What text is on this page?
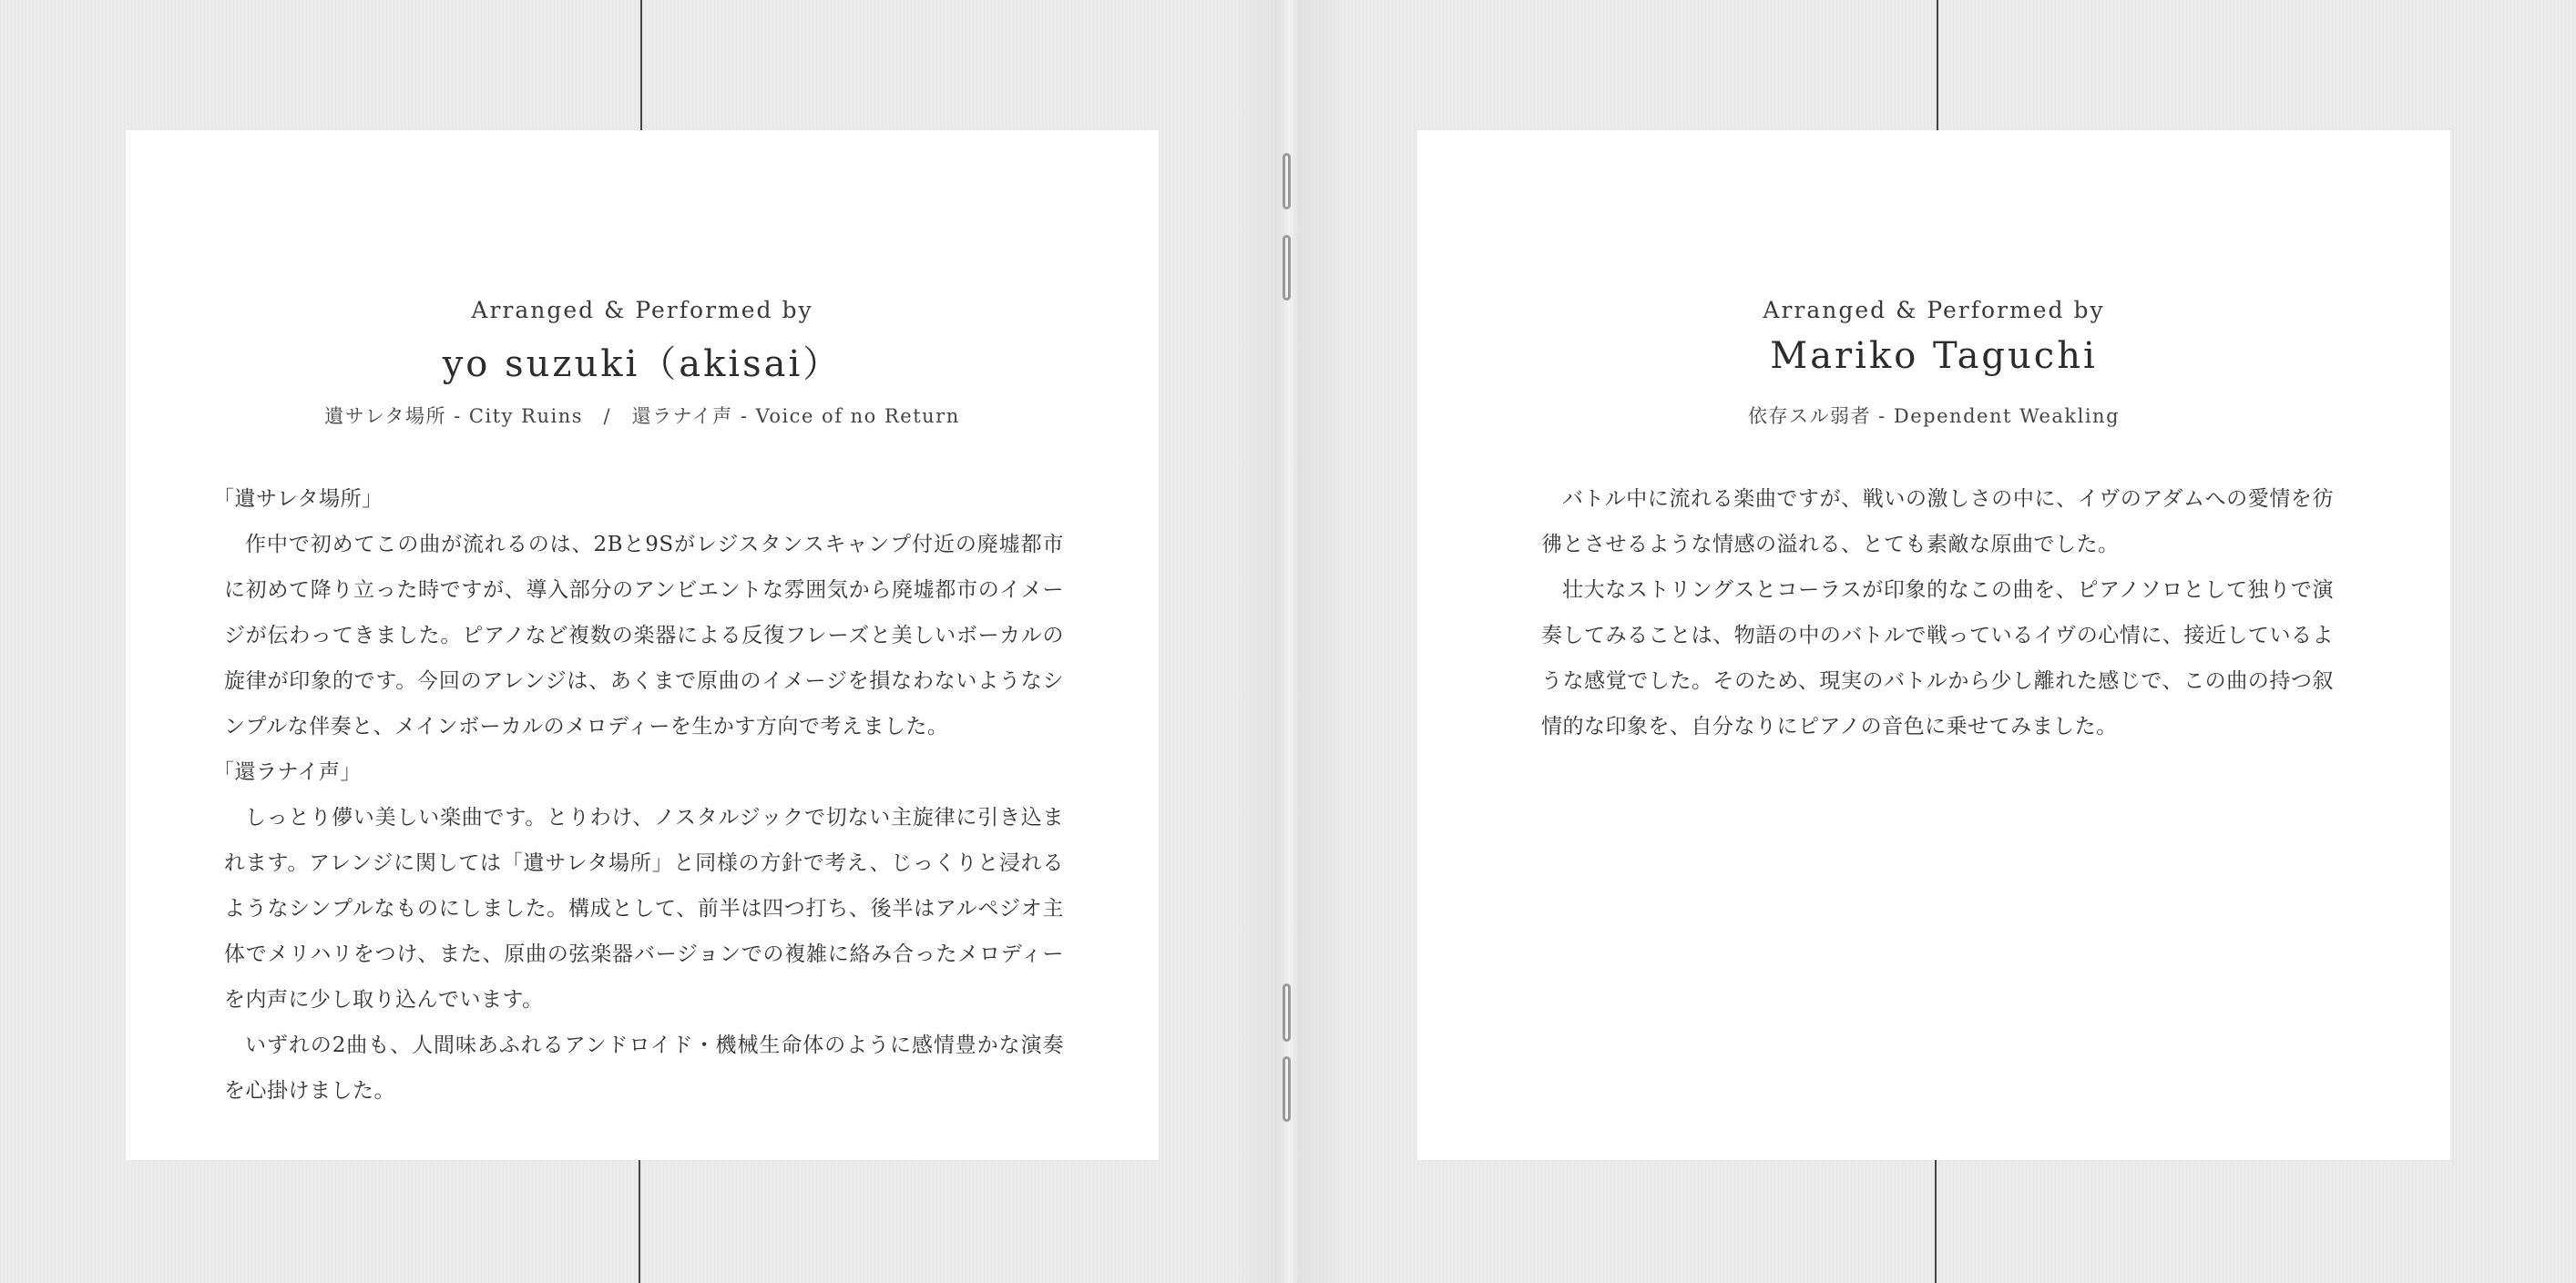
Arranged & Performed by
yo suzuki（akisai）
遺サレタ場所 - City Ruins　/　還ラナイ声 - Voice of no Return

「遺サレタ場所」

作中で初めてこの曲が流れるのは、2Bと9Sがレジスタンスキャンプ付近の廃墟都市に初めて降り立った時ですが、導入部分のアンビエントな雰囲気から廃墟都市のイメージが伝わってきました。ピアノなど複数の楽器による反復フレーズと美しいボーカルの旋律が印象的です。今回のアレンジは、あくまで原曲のイメージを損なわないようなシンプルな伴奏と、メインボーカルのメロディーを生かす方向で考えました。

「還ラナイ声」

しっとり儚い美しい楽曲です。とりわけ、ノスタルジックで切ない主旋律に引き込まれます。アレンジに関しては「遺サレタ場所」と同様の方針で考え、じっくりと浸れるようなシンプルなものにしました。構成として、前半は四つ打ち、後半はアルペジオ主体でメリハリをつけ、また、原曲の弦楽器バージョンでの複雑に絡み合ったメロディーを内声に少し取り込んでいます。

いずれの2曲も、人間味あふれるアンドロイド・機械生命体のように感情豊かな演奏を心掛けました。

Arranged & Performed by
Mariko Taguchi
依存スル弱者 - Dependent Weakling

バトル中に流れる楽曲ですが、戦いの激しさの中に、イヴのアダムへの愛情を彷彿とさせるような情感の溢れる、とても素敵な原曲でした。

壮大なストリングスとコーラスが印象的なこの曲を、ピアノソロとして独りで演奏してみることは、物語の中のバトルで戦っているイヴの心情に、接近しているような感覚でした。そのため、現実のバトルから少し離れた感じで、この曲の持つ叙情的な印象を、自分なりにピアノの音色に乗せてみました。
